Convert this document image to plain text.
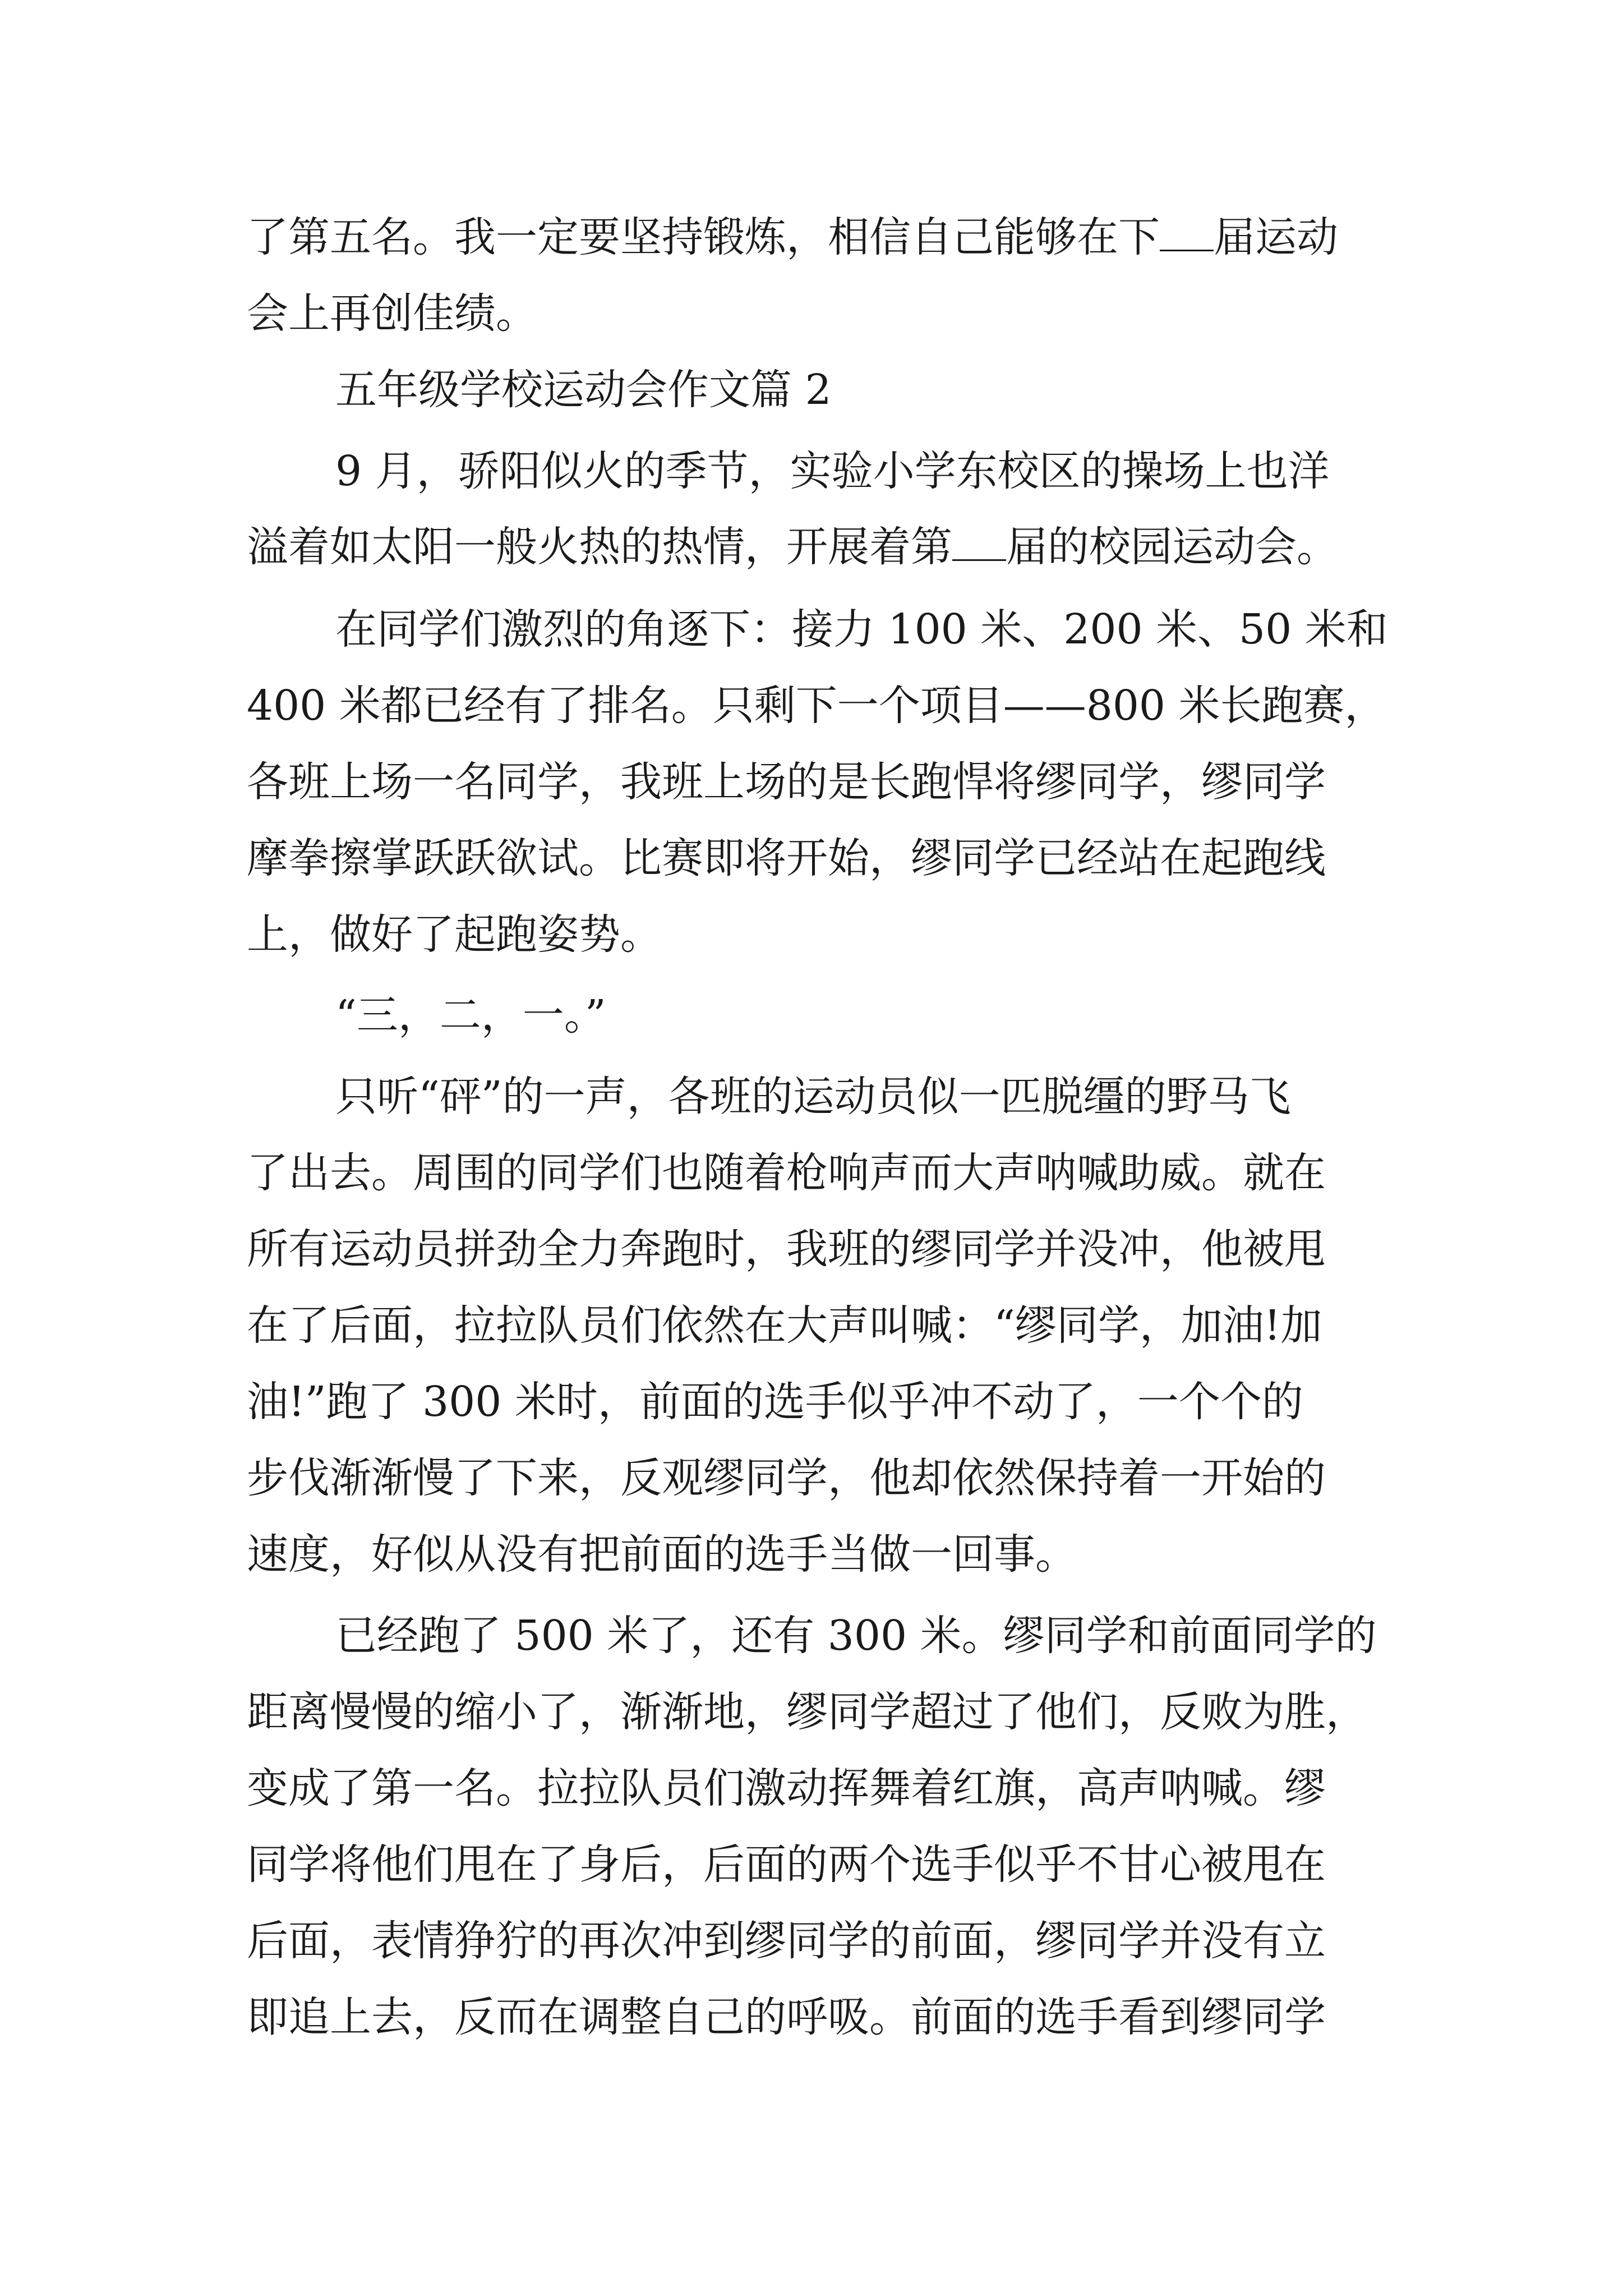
了第五名。我一定要坚持锻炼，相信自己能够在下 届运动
会上再创佳绩。
五年级学校运动会作文篇 2
9 月，骄阳似火的季节，实验小学东校区的操场上也洋
溢着如太阳一般火热的热情，开展着第 届的校园运动会。
在同学们激烈的角逐下：接力 100 米、200 米、50 米和
400 米都已经有了排名。只剩下一个项目——800 米长跑赛，
各班上场一名同学，我班上场的是长跑悍将缪同学，缪同学
摩拳擦掌跃跃欲试。比赛即将开始，缪同学已经站在起跑线
上，做好了起跑姿势。
“三，二，一。”
只听“砰”的一声，各班的运动员似一匹脱缰的野马飞
了出去。周围的同学们也随着枪响声而大声呐喊助威。就在
所有运动员拼劲全力奔跑时，我班的缪同学并没冲，他被甩
在了后面，拉拉队员们依然在大声叫喊：“缪同学，加油!加
油!”跑了 300 米时，前面的选手似乎冲不动了，一个个的
步伐渐渐慢了下来，反观缪同学，他却依然保持着一开始的
速度，好似从没有把前面的选手当做一回事。
已经跑了 500 米了，还有 300 米。缪同学和前面同学的
距离慢慢的缩小了，渐渐地，缪同学超过了他们，反败为胜，
变成了第一名。拉拉队员们激动挥舞着红旗，高声呐喊。缪
同学将他们甩在了身后，后面的两个选手似乎不甘心被甩在
后面，表情狰狞的再次冲到缪同学的前面，缪同学并没有立
即追上去，反而在调整自己的呼吸。前面的选手看到缪同学
